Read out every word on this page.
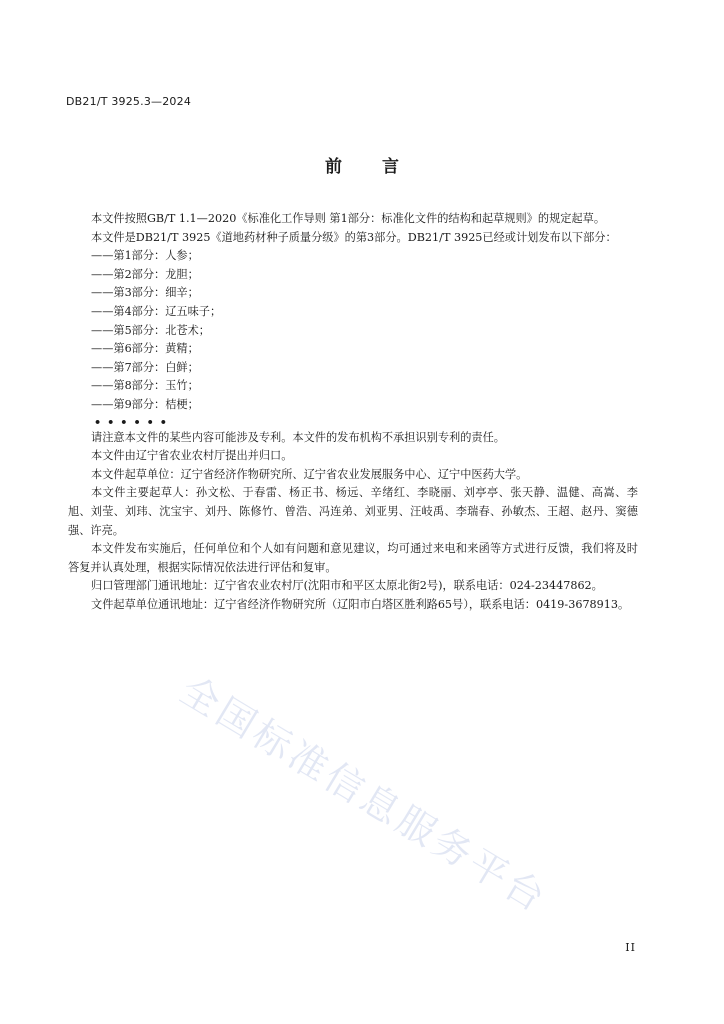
DB21/T 3925.3—2024
前言

本文件按照GB/T 1.1—2020《标准化工作导则 第1部分：标准化文件的结构和起草规则》的规定起草。

本文件是DB21/T 3925《道地药材种子质量分级》的第3部分。DB21/T 3925已经或计划发布以下部分：

——第1部分：人参；

——第2部分：龙胆；

——第3部分：细辛；

——第4部分：辽五味子；

——第5部分：北苍术；

——第6部分：黄精；

——第7部分：白鲜；

——第8部分：玉竹；

——第9部分：桔梗；

••••••

请注意本文件的某些内容可能涉及专利。本文件的发布机构不承担识别专利的责任。

本文件由辽宁省农业农村厅提出并归口。

本文件起草单位：辽宁省经济作物研究所、辽宁省农业发展服务中心、辽宁中医药大学。

本文件主要起草人：孙文松、于春雷、杨正书、杨远、辛绪红、李晓丽、刘亭亭、张天静、温健、高嵩、李旭、刘莹、刘玮、沈宝宇、刘丹、陈修竹、曾浩、冯连弟、刘亚男、汪岐禹、李瑞春、孙敏杰、王超、赵丹、窦德强、许亮。

本文件发布实施后，任何单位和个人如有问题和意见建议，均可通过来电和来函等方式进行反馈，我们将及时答复并认真处理，根据实际情况依法进行评估和复审。

归口管理部门通讯地址：辽宁省农业农村厅(沈阳市和平区太原北街2号)，联系电话：024-23447862。

文件起草单位通讯地址：辽宁省经济作物研究所（辽阳市白塔区胜利路65号），联系电话：0419-3678913。

全国标准信息服务平台
II
